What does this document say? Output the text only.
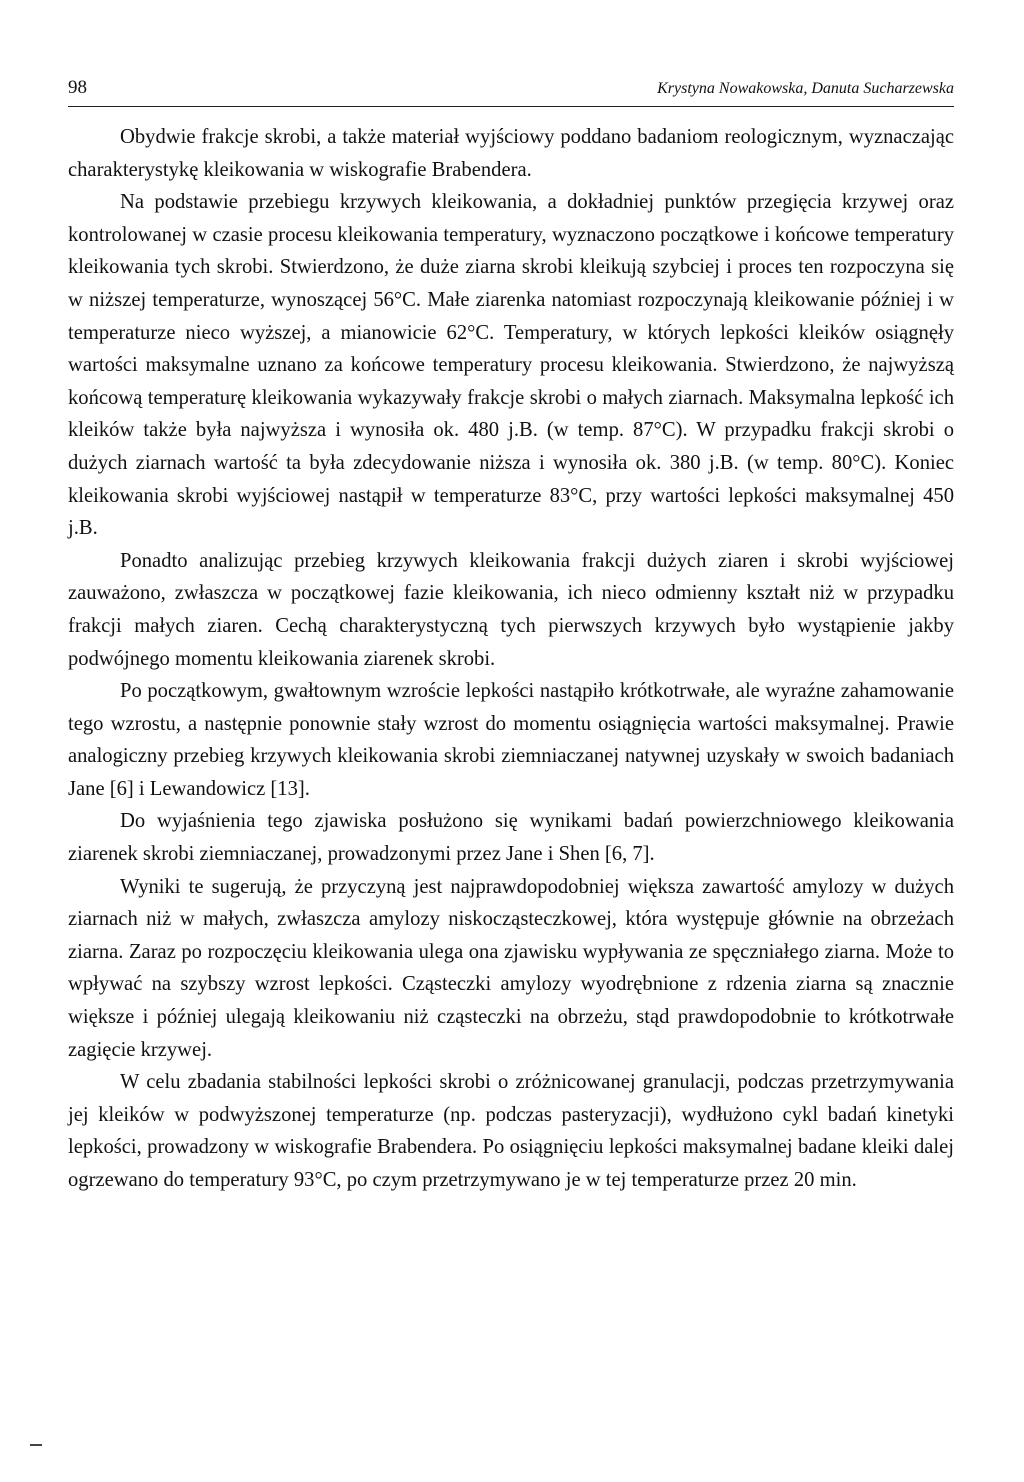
98	Krystyna Nowakowska, Danuta Sucharzewska

Obydwie frakcje skrobi, a także materiał wyjściowy poddano badaniom reologicznym, wyznaczając charakterystykę kleikowania w wiskografie Brabendera.

Na podstawie przebiegu krzywych kleikowania, a dokładniej punktów przegięcia krzywej oraz kontrolowanej w czasie procesu kleikowania temperatury, wyznaczono początkowe i końcowe temperatury kleikowania tych skrobi. Stwierdzono, że duże ziarna skrobi kleikują szybciej i proces ten rozpoczyna się w niższej temperaturze, wynoszącej 56°C. Małe ziarenka natomiast rozpoczynają kleikowanie później i w temperaturze nieco wyższej, a mianowicie 62°C. Temperatury, w których lepkości kleików osiągnęły wartości maksymalne uznano za końcowe temperatury procesu kleikowania. Stwierdzono, że najwyższą końcową temperaturę kleikowania wykazywały frakcje skrobi o małych ziarnach. Maksymalna lepkość ich kleików także była najwyższa i wynosiła ok. 480 j.B. (w temp. 87°C). W przypadku frakcji skrobi o dużych ziarnach wartość ta była zdecydowanie niższa i wynosiła ok. 380 j.B. (w temp. 80°C). Koniec kleikowania skrobi wyjściowej nastąpił w temperaturze 83°C, przy wartości lepkości maksymalnej 450 j.B.

Ponadto analizując przebieg krzywych kleikowania frakcji dużych ziaren i skrobi wyjściowej zauważono, zwłaszcza w początkowej fazie kleikowania, ich nieco odmienny kształt niż w przypadku frakcji małych ziaren. Cechą charakterystyczną tych pierwszych krzywych było wystąpienie jakby podwójnego momentu kleikowania ziarenek skrobi.

Po początkowym, gwałtownym wzroście lepkości nastąpiło krótkotrwałe, ale wyraźne zahamowanie tego wzrostu, a następnie ponownie stały wzrost do momentu osiągnięcia wartości maksymalnej. Prawie analogiczny przebieg krzywych kleikowania skrobi ziemniaczanej natywnej uzyskały w swoich badaniach Jane [6] i Lewandowicz [13].

Do wyjaśnienia tego zjawiska posłużono się wynikami badań powierzchniowego kleikowania ziarenek skrobi ziemniaczanej, prowadzonymi przez Jane i Shen [6, 7].

Wyniki te sugerują, że przyczyną jest najprawdopodobniej większa zawartość amylozy w dużych ziarnach niż w małych, zwłaszcza amylozy niskocząsteczkowej, która występuje głównie na obrzeżach ziarna. Zaraz po rozpoczęciu kleikowania ulega ona zjawisku wypływania ze spęczniałego ziarna. Może to wpływać na szybszy wzrost lepkości. Cząsteczki amylozy wyodrębnione z rdzenia ziarna są znacznie większe i później ulegają kleikowaniu niż cząsteczki na obrzeżu, stąd prawdopodobnie to krótkotrwałe zagięcie krzywej.

W celu zbadania stabilności lepkości skrobi o zróżnicowanej granulacji, podczas przetrzymywania jej kleików w podwyższonej temperaturze (np. podczas pasteryzacji), wydłużono cykl badań kinetyki lepkości, prowadzony w wiskografie Brabendera. Po osiągnięciu lepkości maksymalnej badane kleiki dalej ogrzewano do temperatury 93°C, po czym przetrzymywano je w tej temperaturze przez 20 min.
